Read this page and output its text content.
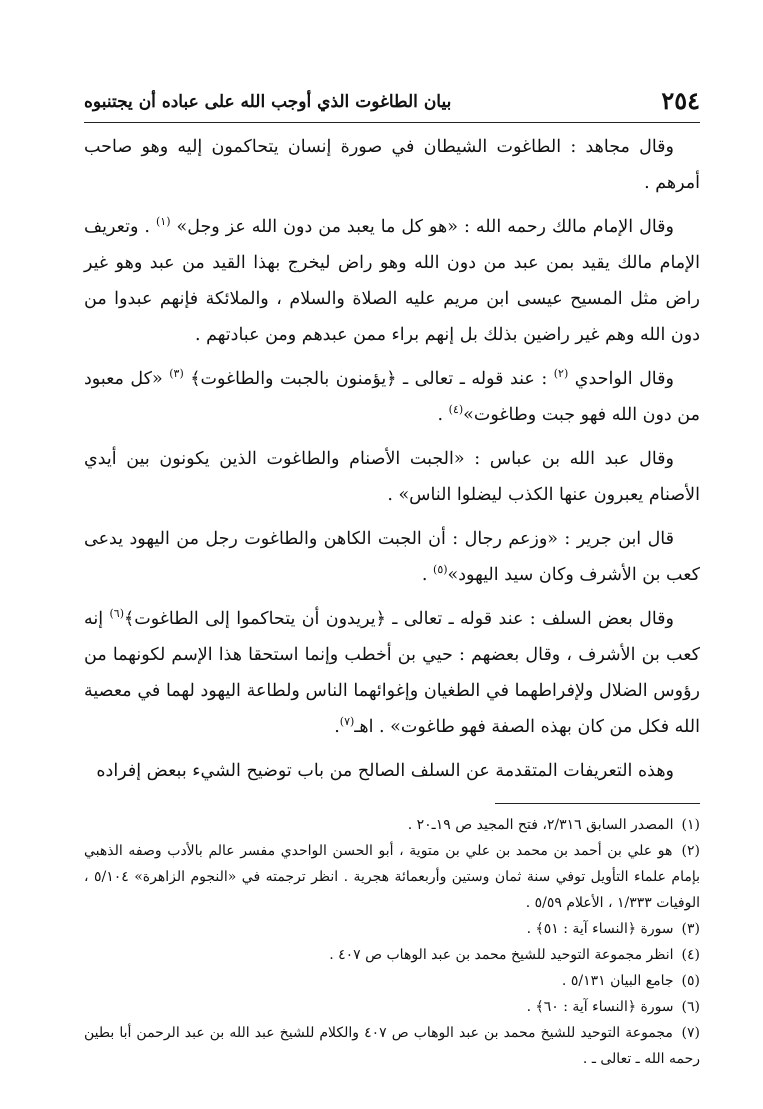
٢٥٤
بيان الطاغوت الذي أوجب الله على عباده أن يجتنبوه

وقال مجاهد : الطاغوت الشيطان في صورة إنسان يتحاكمون إليه وهو صاحب أمرهم .

وقال الإمام مالك رحمه الله : «هو كل ما يعبد من دون الله عز وجل» $^{(١)}$ . وتعريف الإمام مالك يقيد بمن عبد من دون الله وهو راض ليخرج بهذا القيد من عبد وهو غير راض مثل المسيح عيسى ابن مريم عليه الصلاة والسلام ، والملائكة فإنهم عبدوا من دون الله وهم غير راضين بذلك بل إنهم براء ممن عبدهم ومن عبادتهم .

وقال الواحدي $^{(٢)}$ : عند قوله ـ تعالى ـ ﴿يؤمنون بالجبت والطاغوت﴾ $^{(٣)}$ «كل معبود من دون الله فهو جبت وطاغوت»$^{(٤)}$ .

وقال عبد الله بن عباس : «الجبت الأصنام والطاغوت الذين يكونون بين أيدي الأصنام يعبرون عنها الكذب ليضلوا الناس» .

قال ابن جرير : «وزعم رجال : أن الجبت الكاهن والطاغوت رجل من اليهود يدعى كعب بن الأشرف وكان سيد اليهود»$^{(٥)}$ .

وقال بعض السلف : عند قوله ـ تعالى ـ ﴿يريدون أن يتحاكموا إلى الطاغوت﴾$^{(٦)}$ إنه كعب بن الأشرف ، وقال بعضهم : حيي بن أخطب وإنما استحقا هذا الإسم لكونهما من رؤوس الضلال ولإفراطهما في الطغيان وإغوائهما الناس ولطاعة اليهود لهما في معصية الله فكل من كان بهذه الصفة فهو طاغوت» . اهـ$^{(٧)}$.

وهذه التعريفات المتقدمة عن السلف الصالح من باب توضيح الشيء ببعض إفراده

(١) المصدر السابق ٢/٣١٦، فتح المجيد ص ١٩ـ٢٠ .
(٢) هو علي بن أحمد بن محمد بن علي بن متوية ، أبو الحسن الواحدي مفسر عالم بالأدب وصفه الذهبي بإمام علماء التأويل توفي سنة ثمان وستين وأربعمائة هجرية . انظر ترجمته في «النجوم الزاهرة» ٥/١٠٤ ، الوفيات ١/٣٣٣ ، الأعلام ٥/٥٩ .
(٣) سورة ﴿النساء آية : ٥١﴾ .
(٤) انظر مجموعة التوحيد للشيخ محمد بن عبد الوهاب ص ٤٠٧ .
(٥) جامع البيان ٥/١٣١ .
(٦) سورة ﴿النساء آية : ٦٠﴾ .
(٧) مجموعة التوحيد للشيخ محمد بن عبد الوهاب ص ٤٠٧ والكلام للشيخ عبد الله بن عبد الرحمن أبا بطين رحمه الله ـ تعالى ـ .
